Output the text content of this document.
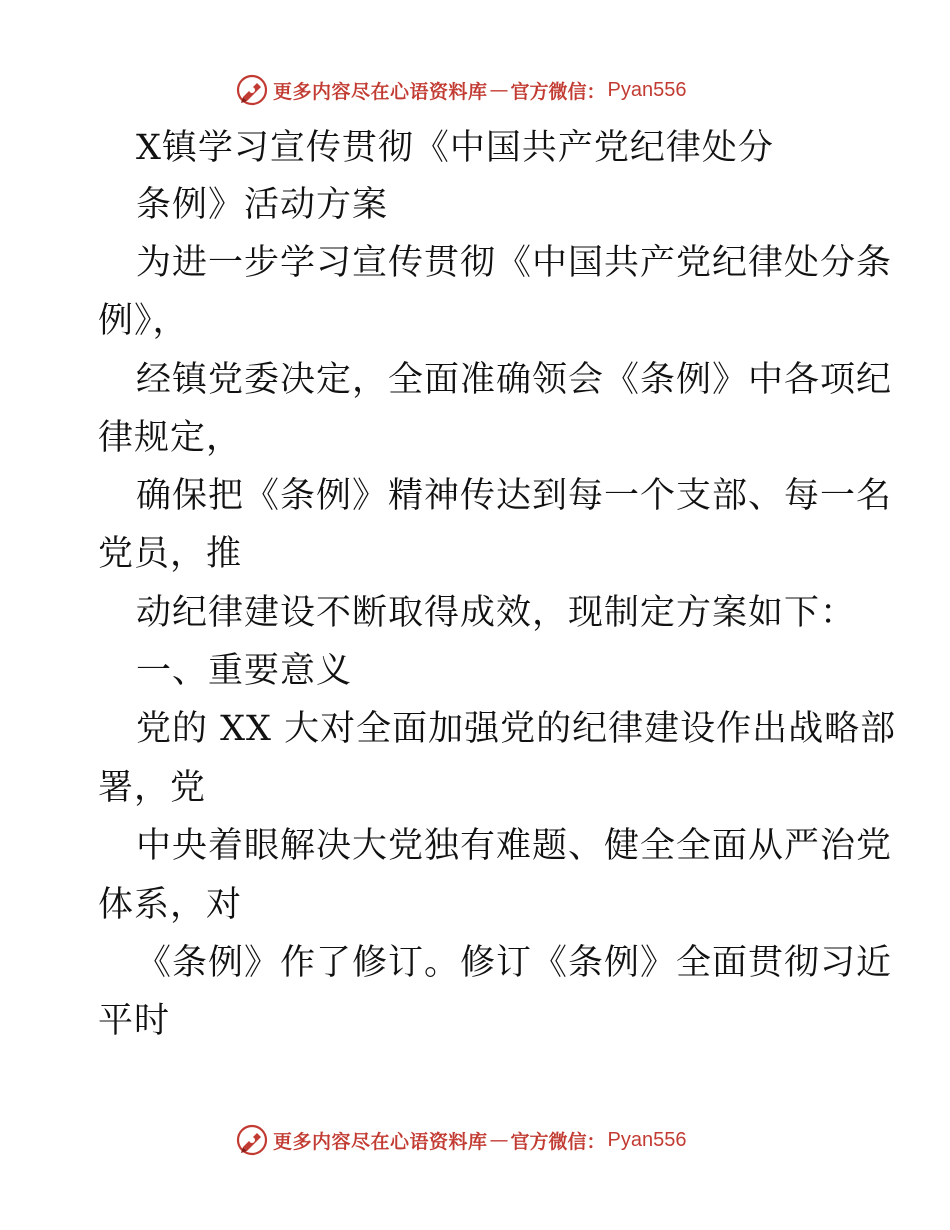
更多内容尽在心语资料库 — 官方微信： Pyan556
X镇学习宣传贯彻《中国共产党纪律处分
条例》活动方案
为进一步学习宣传贯彻《中国共产党纪律处分条
例》，
经镇党委决定，全面准确领会《条例》中各项纪
律规定，
确保把《条例》精神传达到每一个支部、每一名
党员，推
动纪律建设不断取得成效，现制定方案如下：
一、重要意义
党的 XX 大对全面加强党的纪律建设作出战略部
署，党
中央着眼解决大党独有难题、健全全面从严治党
体系，对
《条例》作了修订。修订《条例》全面贯彻习近
平时
更多内容尽在心语资料库 — 官方微信： Pyan556
